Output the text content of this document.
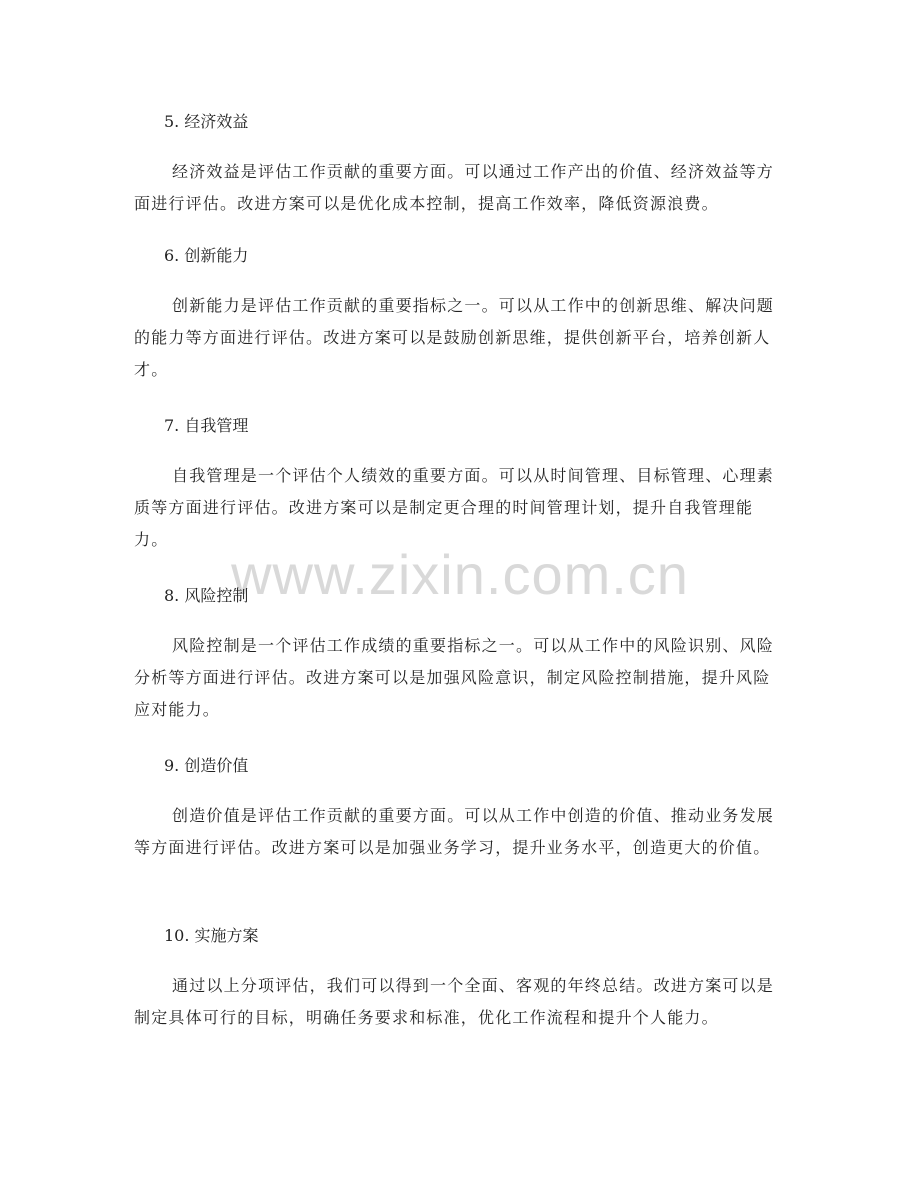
www.zixin.com.cn
5. 经济效益

经济效益是评估工作贡献的重要方面。可以通过工作产出的价值、经济效益等方面进行评估。改进方案可以是优化成本控制，提高工作效率，降低资源浪费。

6. 创新能力

创新能力是评估工作贡献的重要指标之一。可以从工作中的创新思维、解决问题的能力等方面进行评估。改进方案可以是鼓励创新思维，提供创新平台，培养创新人才。

7. 自我管理

自我管理是一个评估个人绩效的重要方面。可以从时间管理、目标管理、心理素质等方面进行评估。改进方案可以是制定更合理的时间管理计划，提升自我管理能力。

8. 风险控制

风险控制是一个评估工作成绩的重要指标之一。可以从工作中的风险识别、风险分析等方面进行评估。改进方案可以是加强风险意识，制定风险控制措施，提升风险应对能力。

9. 创造价值

创造价值是评估工作贡献的重要方面。可以从工作中创造的价值、推动业务发展等方面进行评估。改进方案可以是加强业务学习，提升业务水平，创造更大的价值。

10. 实施方案

通过以上分项评估，我们可以得到一个全面、客观的年终总结。改进方案可以是制定具体可行的目标，明确任务要求和标准，优化工作流程和提升个人能力。
